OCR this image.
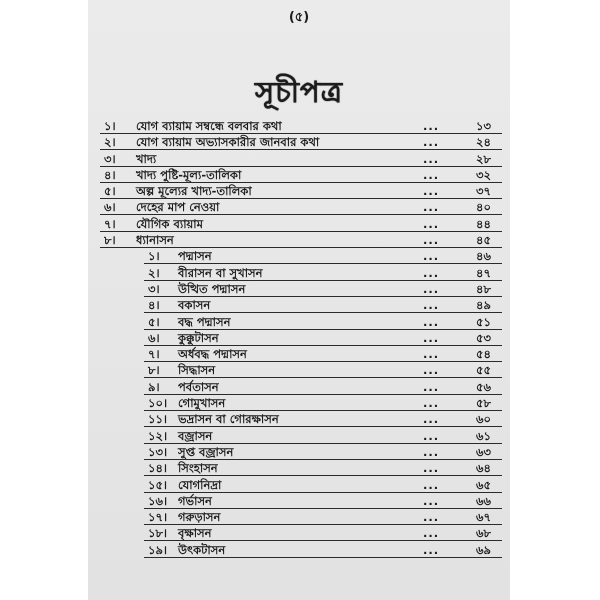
(৫)
সূচীপত্র
১।	যোগ ব্যায়াম সম্বন্ধে বলবার কথা	...	১৩
২।	যোগ ব্যায়াম অভ্যাসকারীর জানবার কথা	...	২৪
৩।	খাদ্য	...	২৮
৪।	খাদ্য পুষ্টি-মূল্য-তালিকা	...	৩২
৫।	অল্প মূল্যের খাদ্য-তালিকা	...	৩৭
৬।	দেহের মাপ নেওয়া	...	৪০
৭।	যৌগিক ব্যায়াম	...	৪৪
৮।	ধ্যানাসন	...	৪৫
১।	পদ্মাসন	...	৪৬
২।	বীরাসন বা সুখাসন	...	৪৭
৩।	উত্থিত পদ্মাসন	...	৪৮
৪।	বকাসন	...	৪৯
৫।	বদ্ধ পদ্মাসন	...	৫১
৬।	কুক্কুটাসন	...	৫৩
৭।	অর্ধবদ্ধ পদ্মাসন	...	৫৪
৮।	সিদ্ধাসন	...	৫৫
৯।	পর্বতাসন	...	৫৬
১০। গোমুখাসন	...	৫৮
১১। ভদ্রাসন বা গোরক্ষাসন	...	৬০
১২। বজ্রাসন	...	৬১
১৩। সুপ্ত বজ্রাসন	...	৬৩
১৪। সিংহাসন	...	৬৪
১৫। যোগনিদ্রা	...	৬৫
১৬। গর্ভাসন	...	৬৬
১৭। গরুড়াসন	...	৬৭
১৮। বৃক্ষাসন	...	৬৮
১৯। উৎকটাসন	...	৬৯
